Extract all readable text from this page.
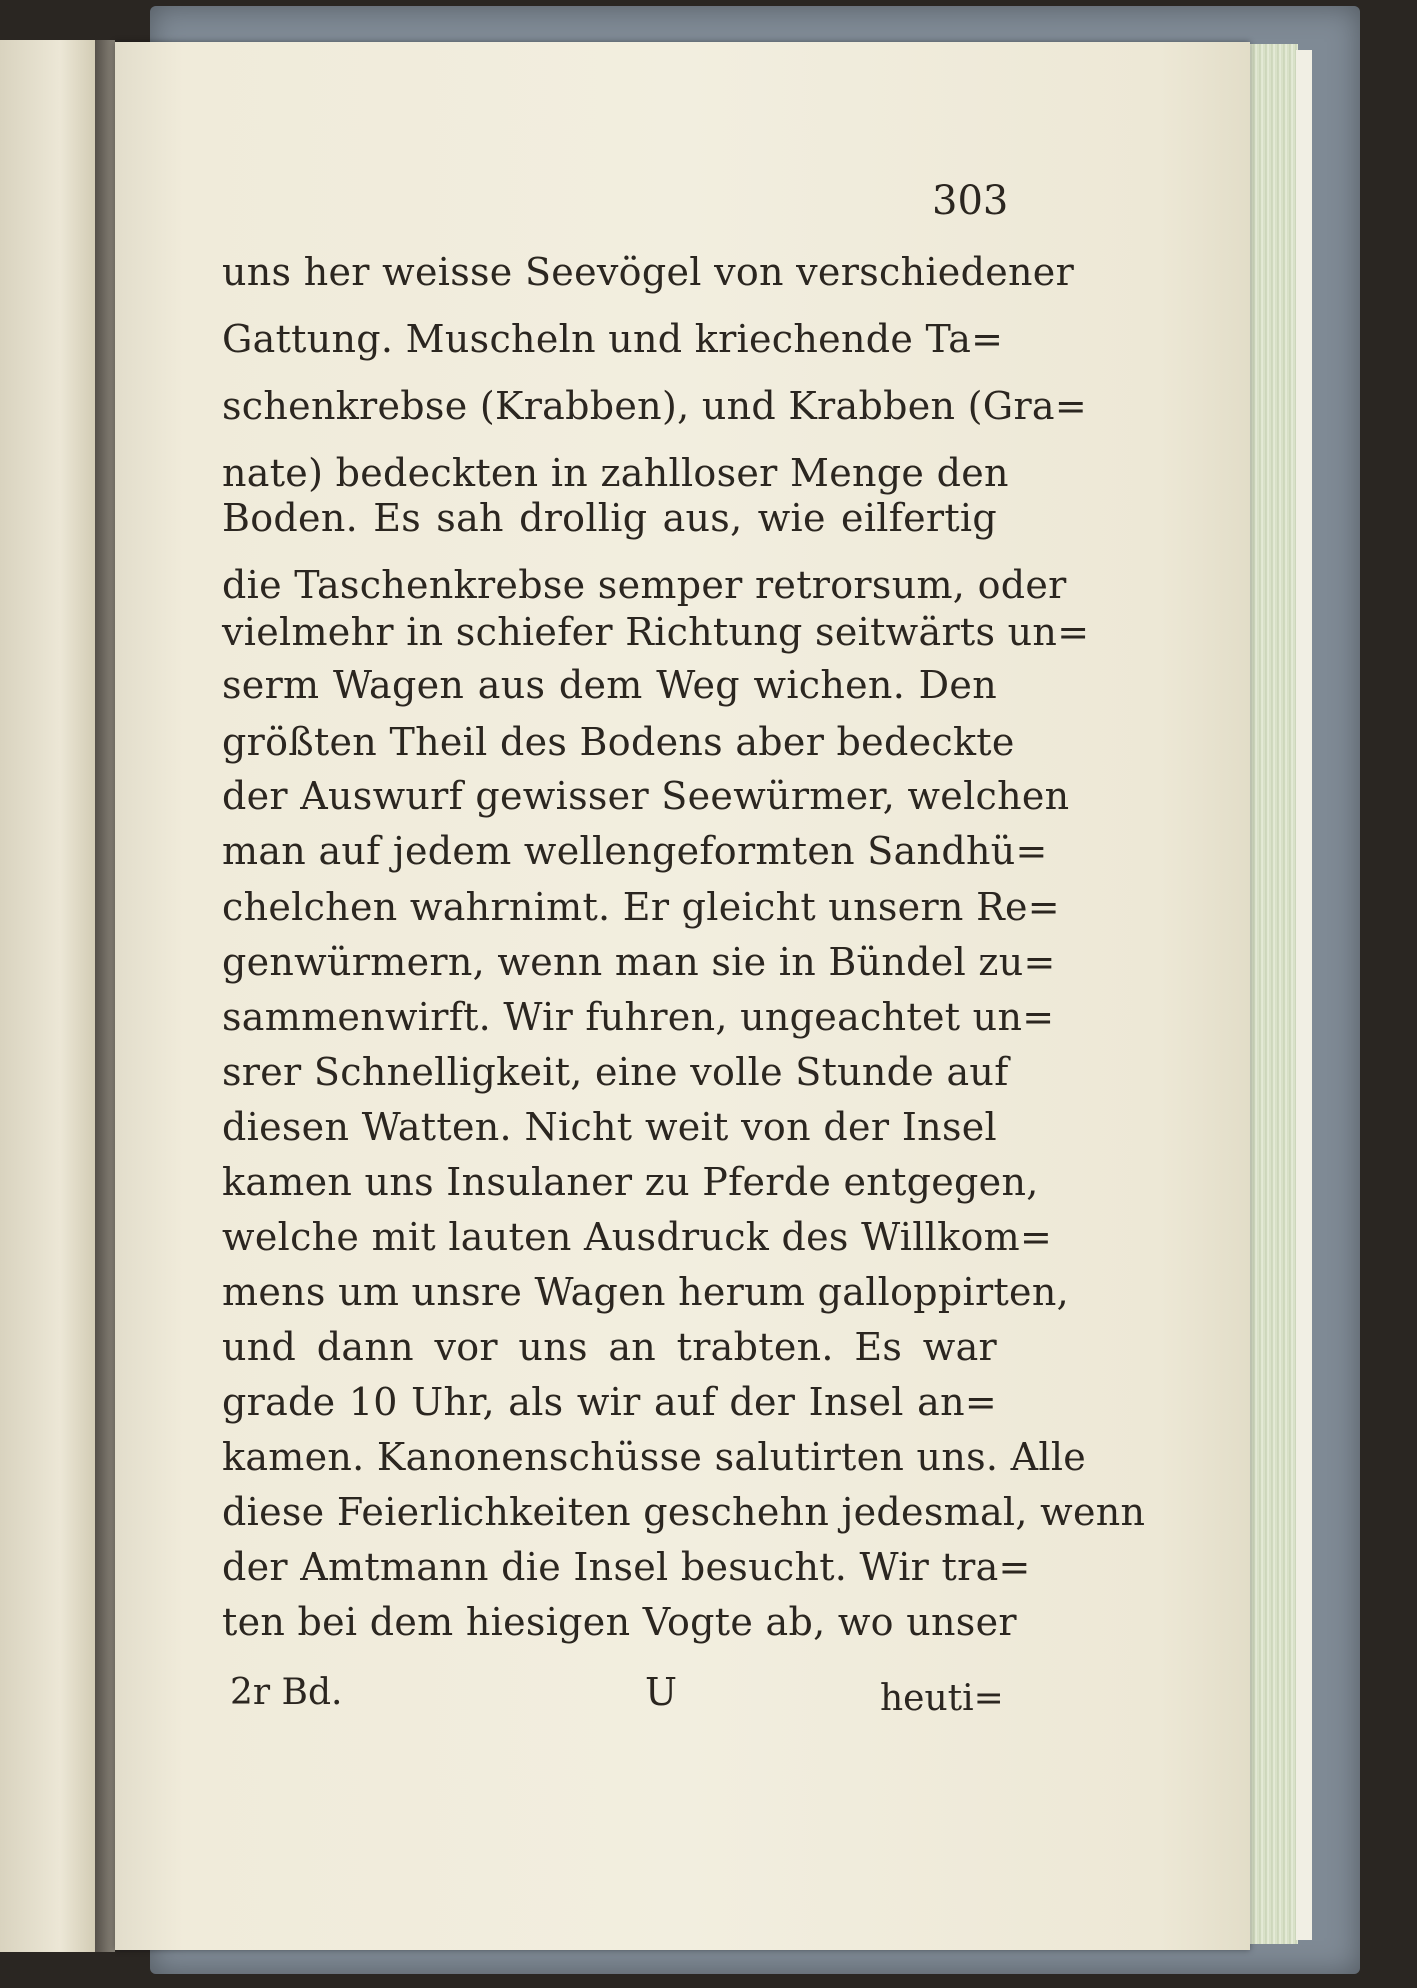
303
uns her weisse Seevögel von verschiedener
Gattung. Muscheln und kriechende Ta=
schenkrebse (Krabben), und Krabben (Gra=
nate) bedeckten in zahlloser Menge den
Boden. Es sah drollig aus, wie eilfertig
die Taschenkrebse semper retrorsum, oder
vielmehr in schiefer Richtung seitwärts un=
serm Wagen aus dem Weg wichen. Den
größten Theil des Bodens aber bedeckte
der Auswurf gewisser Seewürmer, welchen
man auf jedem wellengeformten Sandhü=
chelchen wahrnimt. Er gleicht unsern Re=
genwürmern, wenn man sie in Bündel zu=
sammenwirft. Wir fuhren, ungeachtet un=
srer Schnelligkeit, eine volle Stunde auf
diesen Watten. Nicht weit von der Insel
kamen uns Insulaner zu Pferde entgegen,
welche mit lauten Ausdruck des Willkom=
mens um unsre Wagen herum galloppirten,
und dann vor uns an trabten. Es war
grade 10 Uhr, als wir auf der Insel an=
kamen. Kanonenschüsse salutirten uns. Alle
diese Feierlichkeiten geschehn jedesmal, wenn
der Amtmann die Insel besucht. Wir tra=
ten bei dem hiesigen Vogte ab, wo unser
2r Bd.	U	heuti=
